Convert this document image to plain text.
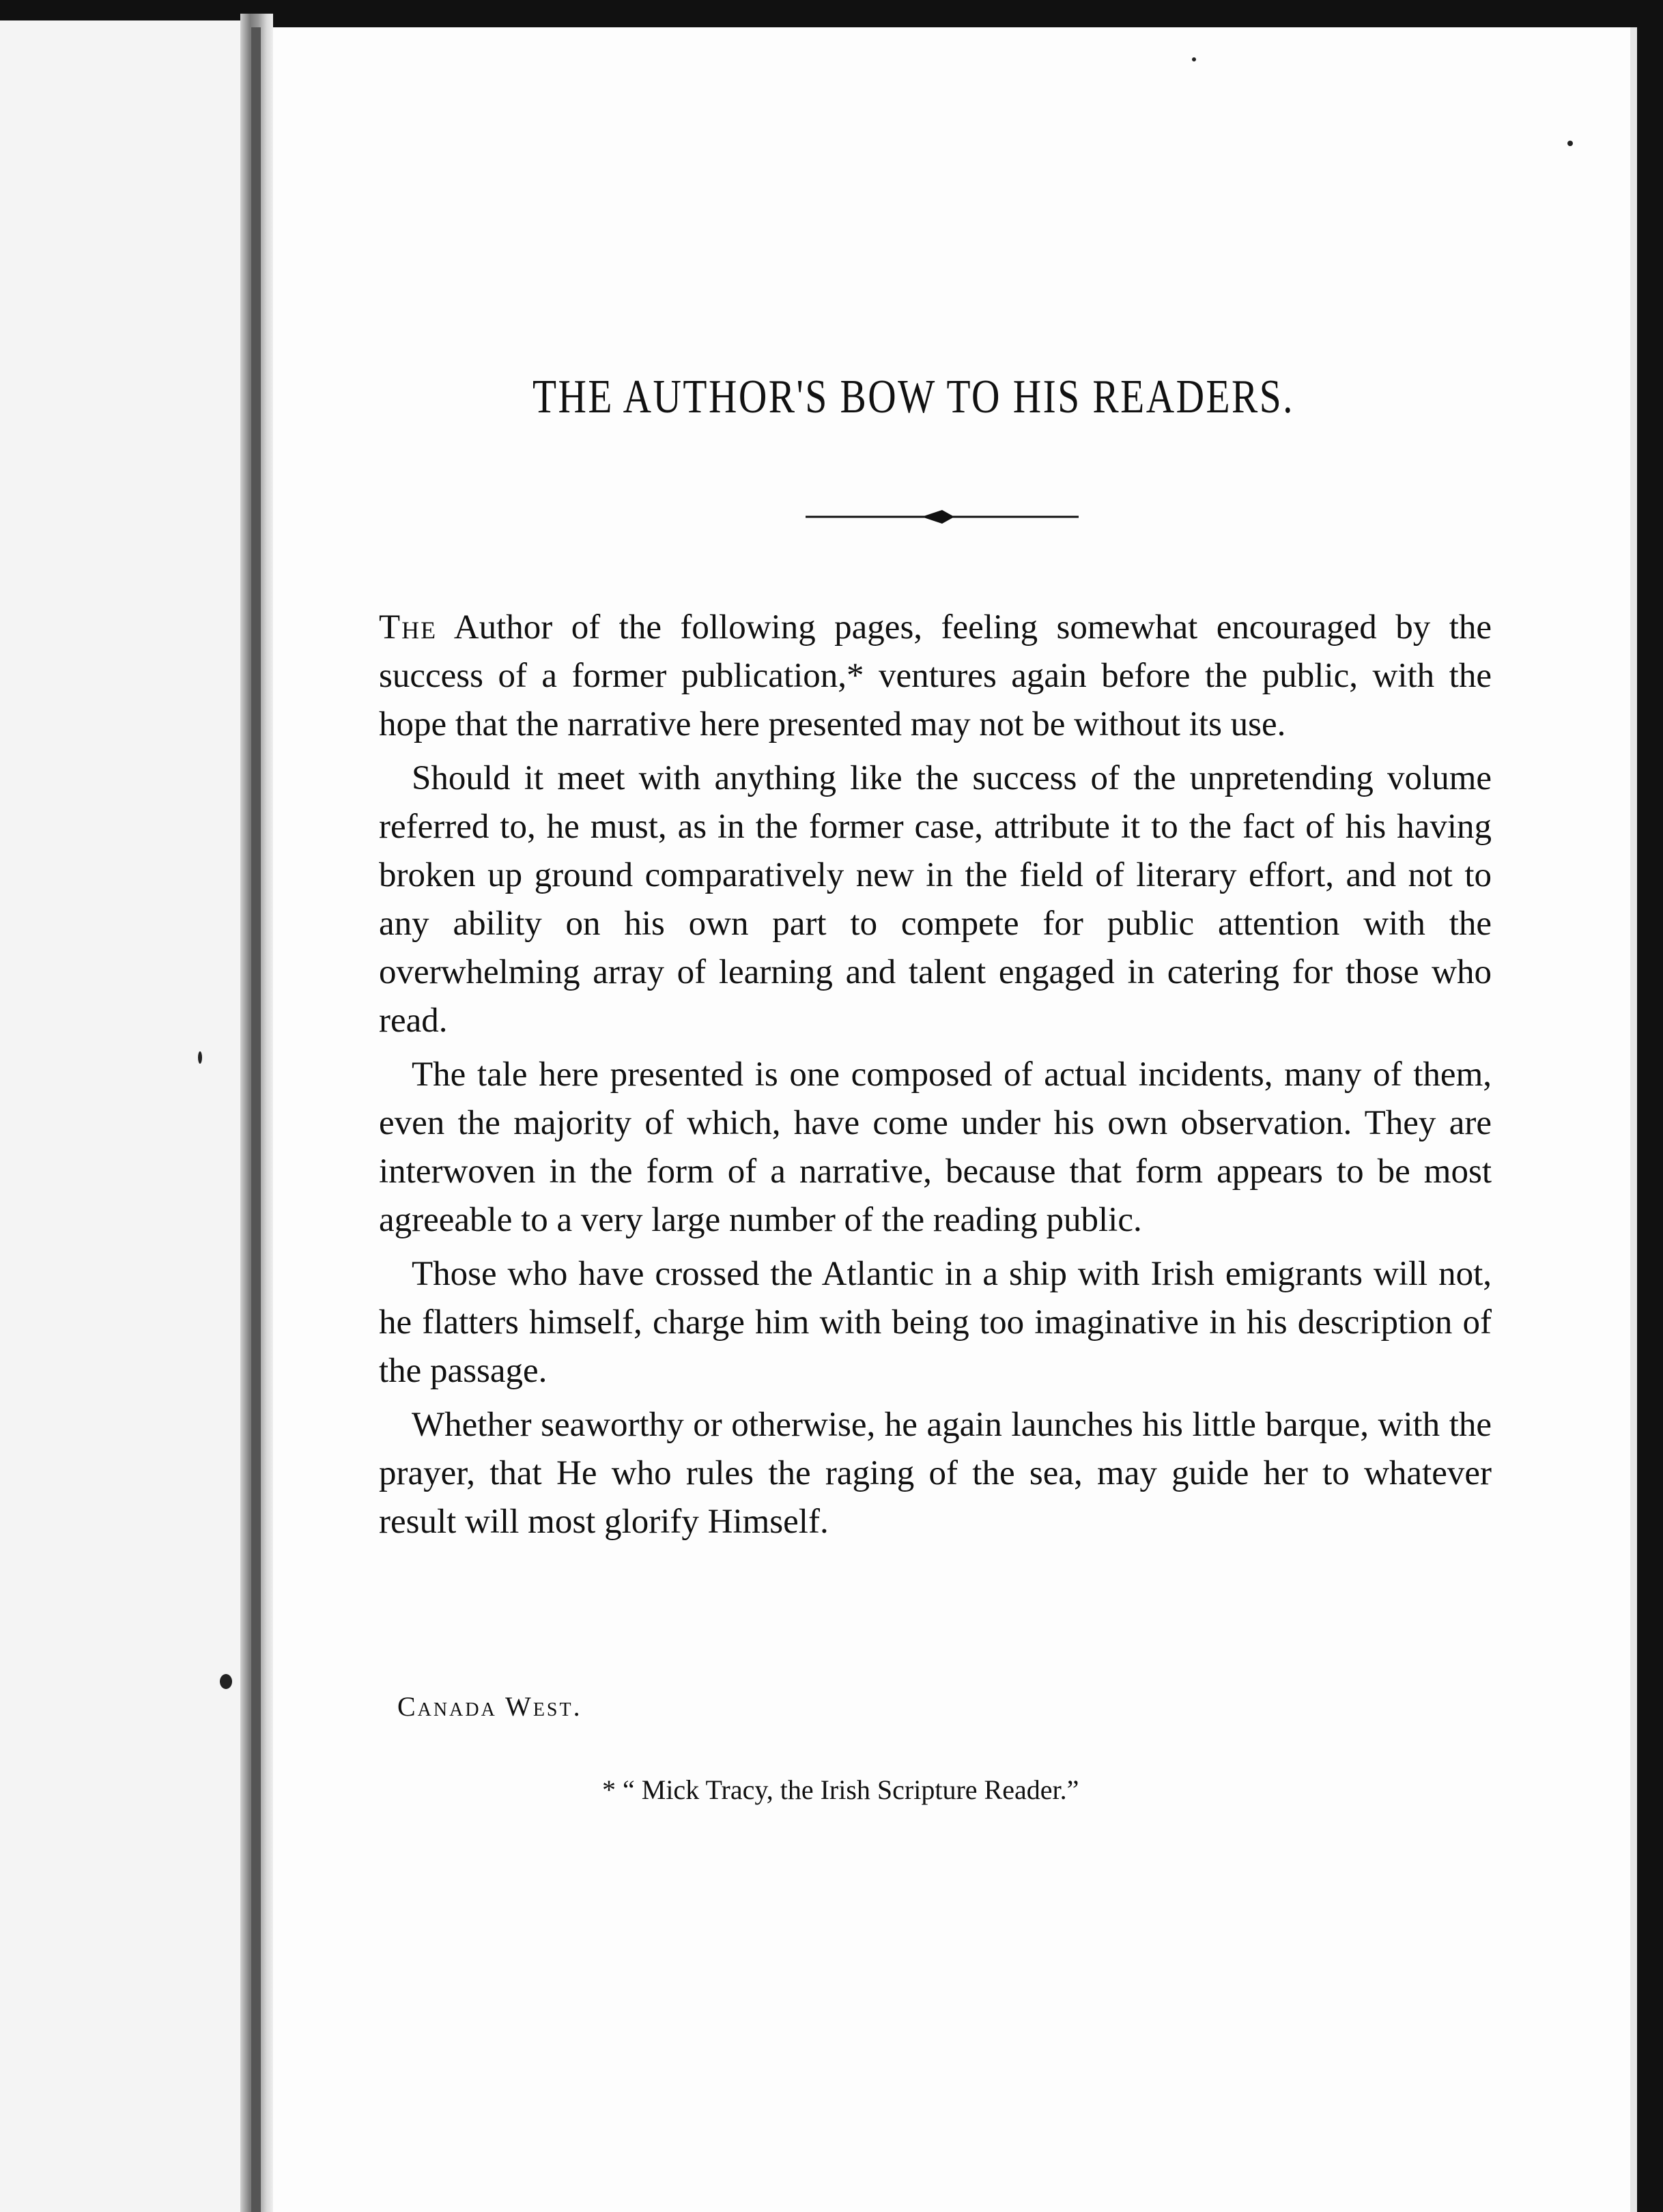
THE AUTHOR'S BOW TO HIS READERS.

The Author of the following pages, feeling somewhat encouraged by the success of a former publication,* ventures again before the public, with the hope that the narrative here presented may not be without its use.

Should it meet with anything like the success of the unpretending volume referred to, he must, as in the former case, attribute it to the fact of his having broken up ground comparatively new in the field of literary effort, and not to any ability on his own part to compete for public attention with the overwhelming array of learning and talent engaged in catering for those who read.

The tale here presented is one composed of actual incidents, many of them, even the majority of which, have come under his own observation. They are interwoven in the form of a narrative, because that form appears to be most agreeable to a very large number of the reading public.

Those who have crossed the Atlantic in a ship with Irish emigrants will not, he flatters himself, charge him with being too imaginative in his description of the passage.

Whether seaworthy or otherwise, he again launches his little barque, with the prayer, that He who rules the raging of the sea, may guide her to whatever result will most glorify Himself.

Canada West.
* “ Mick Tracy, the Irish Scripture Reader.”
